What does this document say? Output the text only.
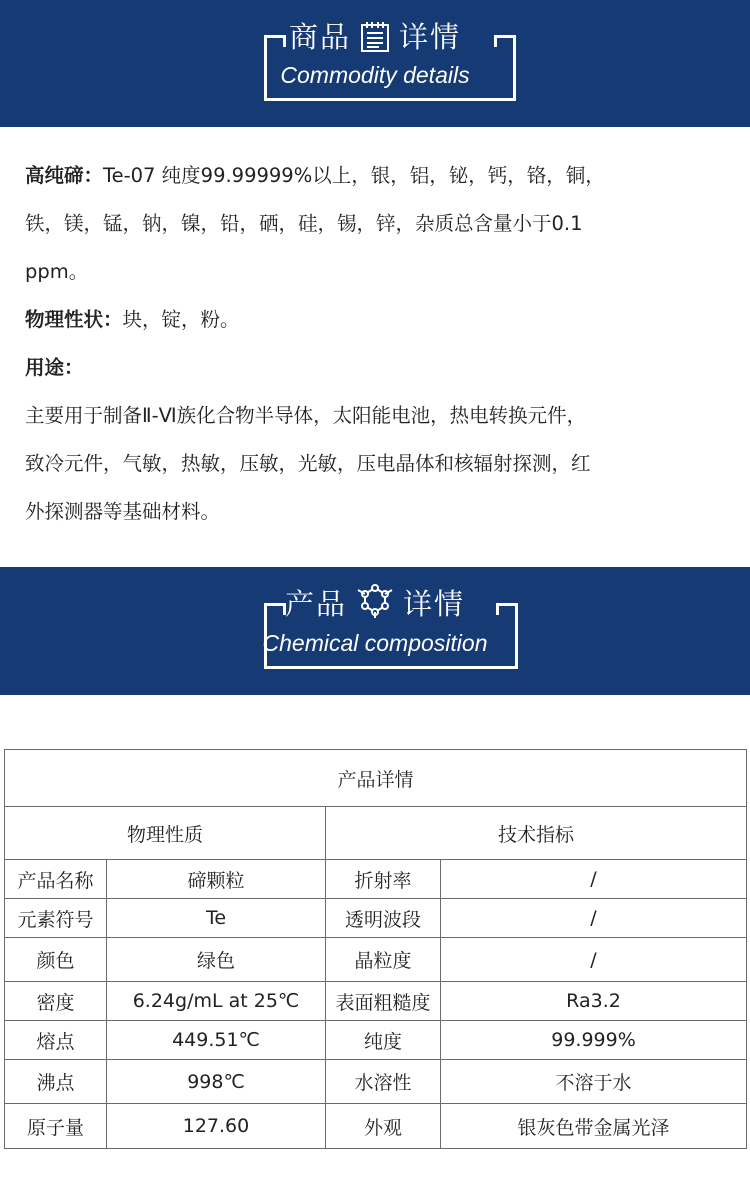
商品 详情
Commodity details

高纯碲：Te-07 纯度99.99999%以上，银，铝，铋，钙，铬，铜，

铁，镁，锰，钠，镍，铅，硒，硅，锡，锌，杂质总含量小于0.1

ppm。

物理性状：块，锭，粉。

用途：

主要用于制备Ⅱ-Ⅵ族化合物半导体，太阳能电池，热电转换元件，

致冷元件，气敏，热敏，压敏，光敏，压电晶体和核辐射探测，红

外探测器等基础材料。

产品 详情
Chemical composition
产品详情			
物理性质		技术指标	
产品名称	碲颗粒	折射率	/
元素符号	Te	透明波段	/
颜色	绿色	晶粒度	/
密度	6.24g/mL at 25℃	表面粗糙度	Ra3.2
熔点	449.51℃	纯度	99.999%
沸点	998℃	水溶性	不溶于水
原子量	127.60	外观	银灰色带金属光泽
